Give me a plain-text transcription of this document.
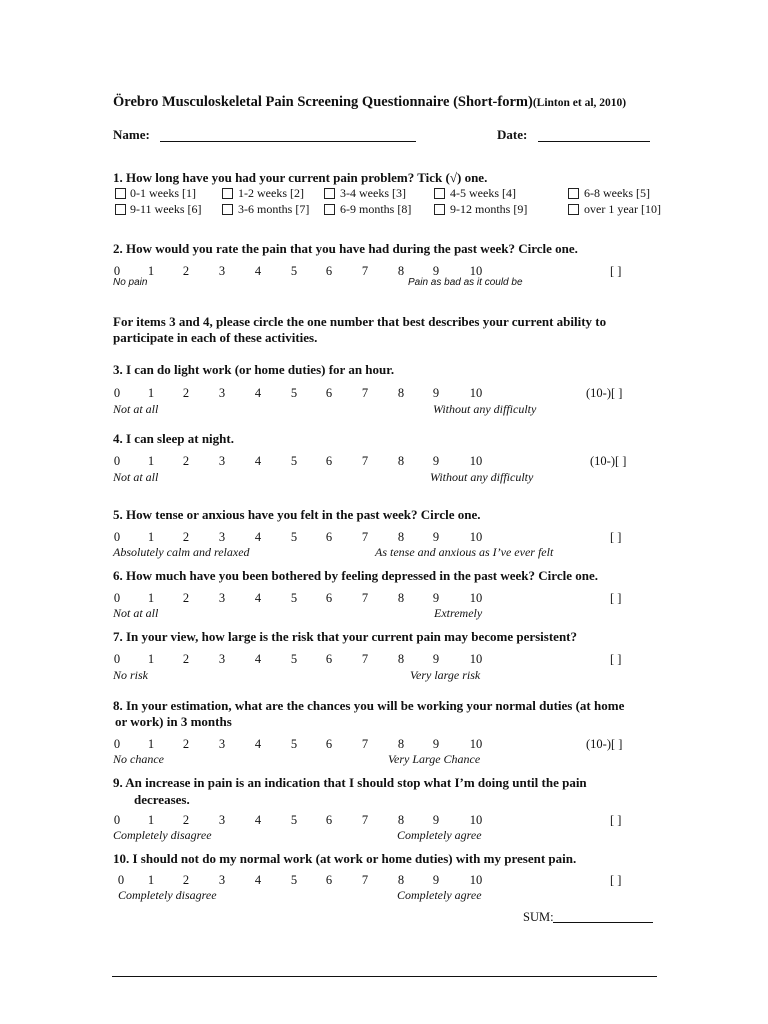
Örebro Musculoskeletal Pain Screening Questionnaire (Short-form)(Linton et al, 2010)
Name:	Date:
1. How long have you had your current pain problem? Tick (√) one.
0-1 weeks [1]	1-2 weeks [2]	3-4 weeks [3]	4-5 weeks [4]	6-8 weeks [5]
9-11 weeks [6]	3-6 months [7]	6-9 months [8]	9-12 months [9]	over 1 year [10]
For items 3 and 4, please circle the one number that best describes your current ability to
participate in each of these activities.
2. How would you rate the pain that you have had during the past week? Circle one.
0	1	2	3	4	5	6	7	8	9	10	[ ]
No pain	Pain as bad as it could be
3. I can do light work (or home duties) for an hour.
0	1	2	3	4	5	6	7	8	9	10	(10-)[ ]
Not at all	Without any difficulty
4. I can sleep at night.
0	1	2	3	4	5	6	7	8	9	10	(10-)[ ]
Not at all	Without any difficulty
5. How tense or anxious have you felt in the past week? Circle one.
0	1	2	3	4	5	6	7	8	9	10	[ ]
Absolutely calm and relaxed	As tense and anxious as I’ve ever felt
6. How much have you been bothered by feeling depressed in the past week? Circle one.
0	1	2	3	4	5	6	7	8	9	10	[ ]
Not at all	Extremely
7. In your view, how large is the risk that your current pain may become persistent?
0	1	2	3	4	5	6	7	8	9	10	[ ]
No risk	Very large risk
8. In your estimation, what are the chances you will be working your normal duties (at home
or work) in 3 months
0	1	2	3	4	5	6	7	8	9	10	(10-)[ ]
No chance	Very Large Chance
9. An increase in pain is an indication that I should stop what I’m doing until the pain
decreases.
0	1	2	3	4	5	6	7	8	9	10	[ ]
Completely disagree	Completely agree
10. I should not do my normal work (at work or home duties) with my present pain.
0	1	2	3	4	5	6	7	8	9	10	[ ]
Completely disagree	Completely agree
SUM:
